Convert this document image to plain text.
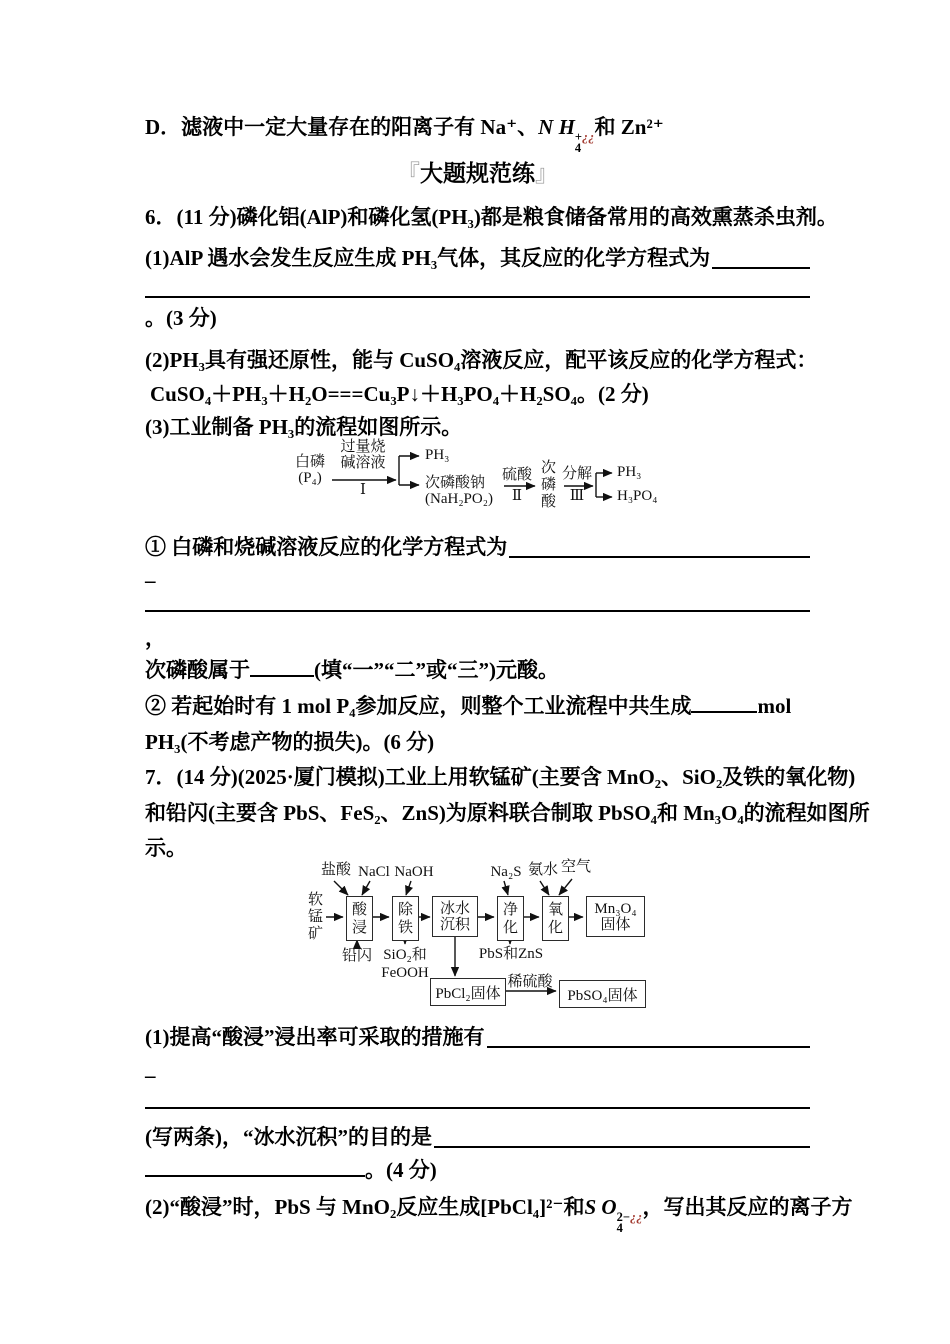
D．滤液中一定大量存在的阳离子有 Na⁺、N H +¿¿
4
和 Zn²⁺
『大题规范练』
6．(11 分)磷化铝(AlP)和磷化氢(PH₃)都是粮食储备常用的高效熏蒸杀虫剂。
(1)AlP 遇水会发生反应生成 PH₃气体，其反应的化学方程式为
。(3 分)
(2)PH₃具有强还原性，能与 CuSO₄溶液反应，配平该反应的化学方程式：
CuSO₄＋PH₃＋H₂O===Cu₃P↓＋H₃PO₄＋H₂SO₄。(2 分)
(3)工业制备 PH₃的流程如图所示。
白磷
(P₄)
过量烧
碱溶液
Ⅰ
PH₃
次磷酸钠
(NaH₂PO₂)
硫酸
Ⅱ
次磷酸
分解
Ⅲ
PH₃
H₃PO₄
① 白磷和烧碱溶液反应的化学方程式为
–
，
次磷酸属于	(填“一”“二”或“三”)元酸。
② 若起始时有 1 mol P₄参加反应，则整个工业流程中共生成	mol
PH₃(不考虑产物的损失)。(6 分)
7．(14 分)(2025·厦门模拟)工业上用软锰矿(主要含 MnO₂、SiO₂及铁的氧化物)
和铅闪(主要含 PbS、FeS₂、ZnS)为原料联合制取 PbSO₄和 Mn₃O₄的流程如图所
示。
盐酸 NaCl NaOH	Na₂S 氨水 空气
软锰矿
酸浸
除铁
冰水
沉积
净化
氧化
Mn₃O₄
固体
铅闪 SiO₂和
FeOOH
PbS和ZnS
PbCl₂固体
稀硫酸
PbSO₄固体
(1)提高“酸浸”浸出率可采取的措施有
–
(写两条)，“冰水沉积”的目的是
。(4 分)
(2)“酸浸”时，PbS 与 MnO₂反应生成[PbCl₄]²⁻和S O 2−¿¿
4
，写出其反应的离子方
